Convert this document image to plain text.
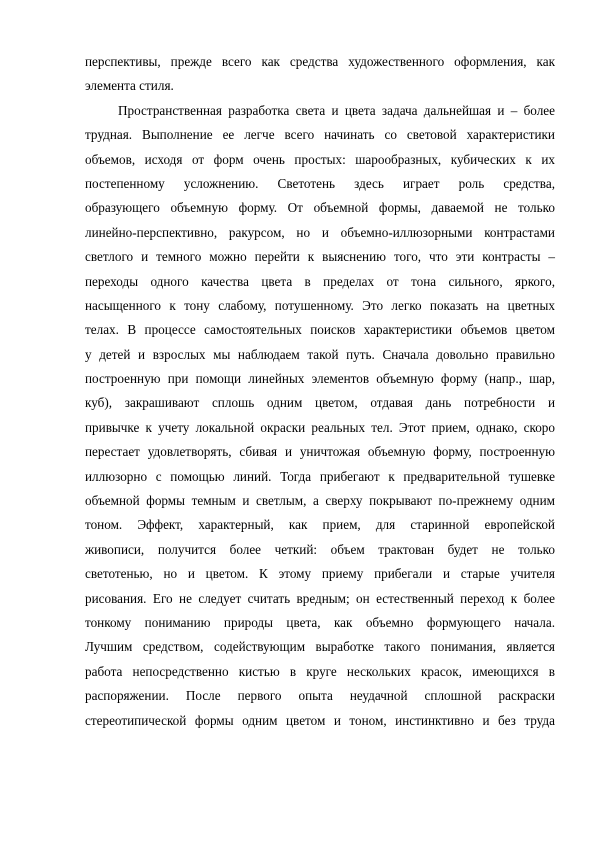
перспективы, прежде всего как средства художественного оформления, как
элемента стиля.
Пространственная разработка света и цвета задача дальнейшая и – более
трудная. Выполнение ее легче всего начинать со световой характеристики
объемов, исходя от форм очень простых: шарообразных, кубических к их
постепенному усложнению. Светотень здесь играет роль средства,
образующего объемную форму. От объемной формы, даваемой не только
линейно-перспективно, ракурсом, но и объемно-иллюзорными контрастами
светлого и темного можно перейти к выяснению того, что эти контрасты –
переходы одного качества цвета в пределах от тона сильного, яркого,
насыщенного к тону слабому, потушенному. Это легко показать на цветных
телах. В процессе самостоятельных поисков характеристики объемов цветом
у детей и взрослых мы наблюдаем такой путь. Сначала довольно правильно
построенную при помощи линейных элементов объемную форму (напр., шар,
куб), закрашивают сплошь одним цветом, отдавая дань потребности и
привычке к учету локальной окраски реальных тел. Этот прием, однако, скоро
перестает удовлетворять, сбивая и уничтожая объемную форму, построенную
иллюзорно с помощью линий. Тогда прибегают к предварительной тушевке
объемной формы темным и светлым, а сверху покрывают по-прежнему одним
тоном. Эффект, характерный, как прием, для старинной европейской
живописи, получится более четкий: объем трактован будет не только
светотенью, но и цветом. К этому приему прибегали и старые учителя
рисования. Его не следует считать вредным; он естественный переход к более
тонкому пониманию природы цвета, как объемно формующего начала.
Лучшим средством, содействующим выработке такого понимания, является
работа непосредственно кистью в круге нескольких красок, имеющихся в
распоряжении. После первого опыта неудачной сплошной раскраски
стереотипической формы одним цветом и тоном, инстинктивно и без труда
